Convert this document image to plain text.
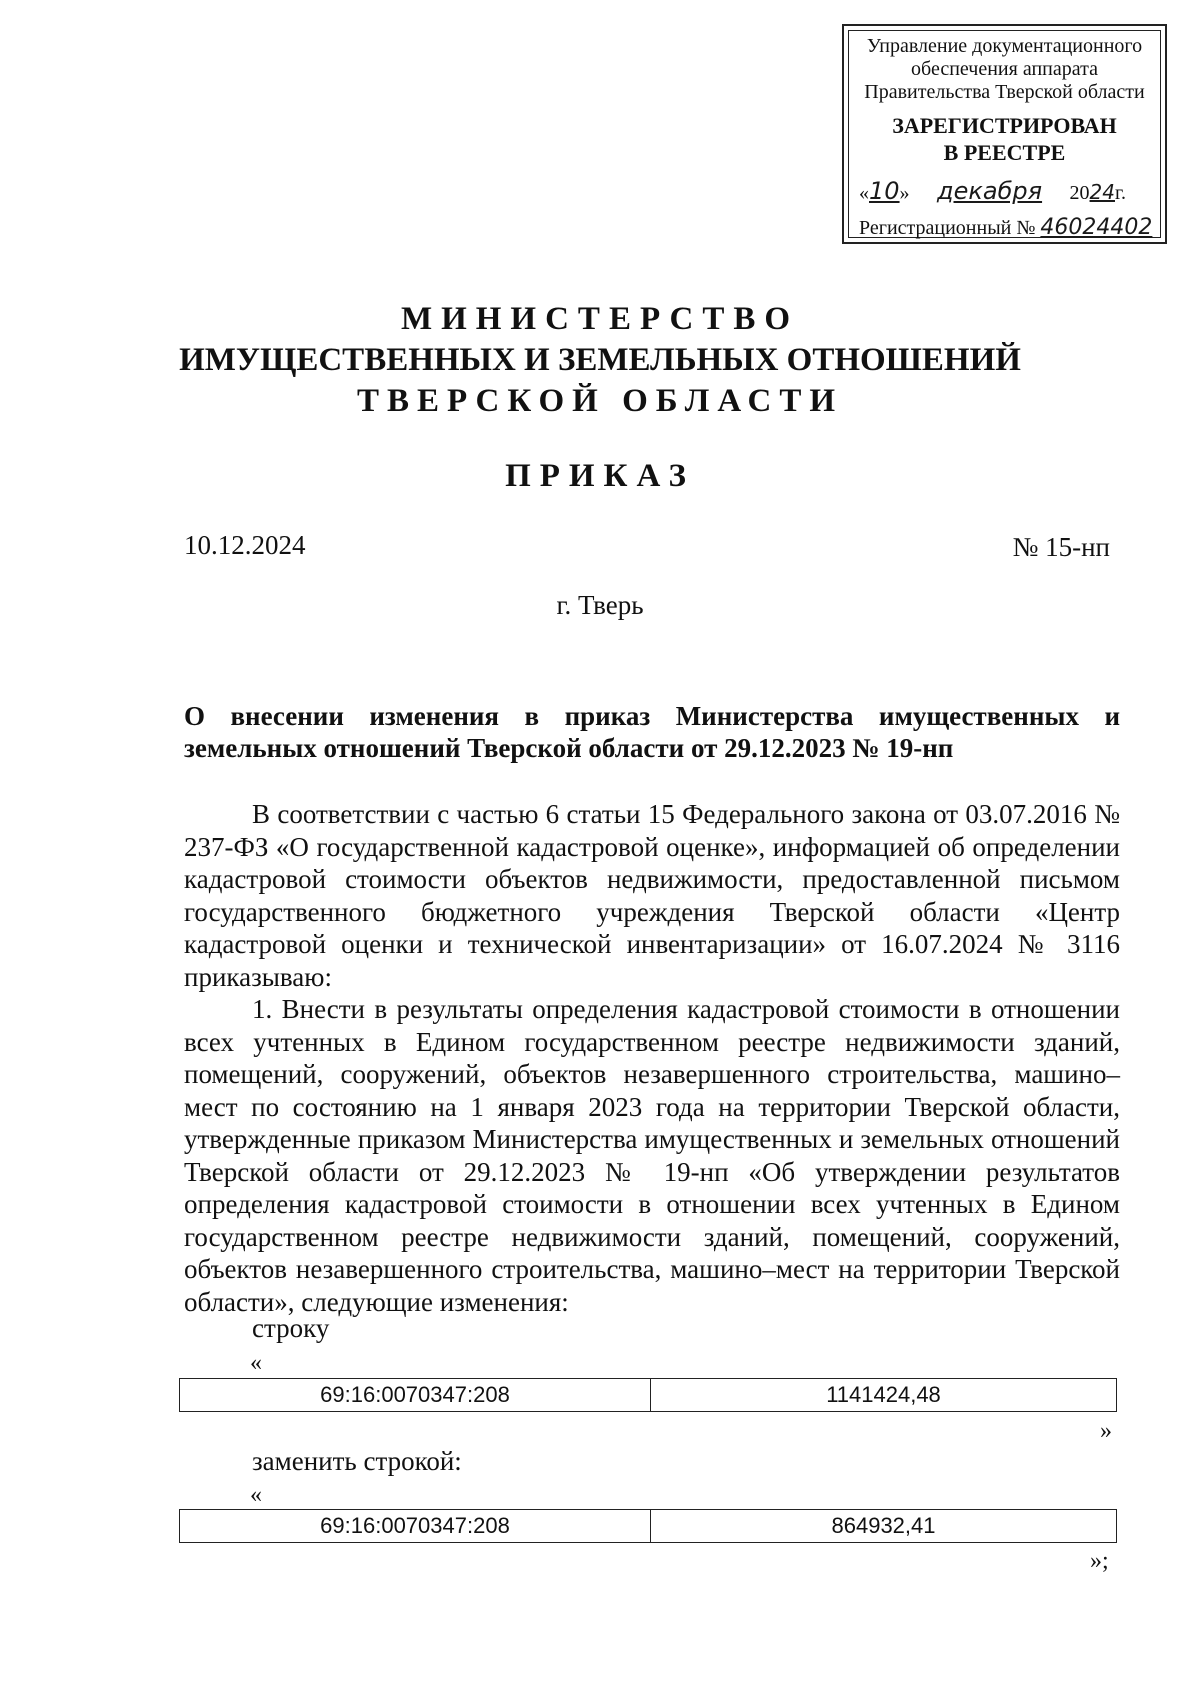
Управление документационного
обеспечения аппарата
Правительства Тверской области
ЗАРЕГИСТРИРОВАН
В РЕЕСТРЕ
«10» декабря 2024г.
Регистрационный № 46024402
МИНИСТЕРСТВО
ИМУЩЕСТВЕННЫХ И ЗЕМЕЛЬНЫХ ОТНОШЕНИЙ
ТВЕРСКОЙ ОБЛАСТИ
ПРИКАЗ
10.12.2024	№ 15-нп
г. Тверь
О внесении изменения в приказ Министерства имущественных и земельных отношений Тверской области от 29.12.2023 № 19-нп

В соответствии с частью 6 статьи 15 Федерального закона от 03.07.2016 № 237-ФЗ «О государственной кадастровой оценке», информацией об определении кадастровой стоимости объектов недвижимости, предоставленной письмом государственного бюджетного учреждения Тверской области «Центр кадастровой оценки и технической инвентаризации» от 16.07.2024 № 3116 приказываю:

1. Внести в результаты определения кадастровой стоимости в отношении всех учтенных в Едином государственном реестре недвижимости зданий, помещений, сооружений, объектов незавершенного строительства, машино–мест по состоянию на 1 января 2023 года на территории Тверской области, утвержденные приказом Министерства имущественных и земельных отношений Тверской области от 29.12.2023 № 19-нп «Об утверждении результатов определения кадастровой стоимости в отношении всех учтенных в Едином государственном реестре недвижимости зданий, помещений, сооружений, объектов незавершенного строительства, машино–мест на территории Тверской области», следующие изменения:

строку
«
69:16:0070347:208	1141424,48
»
заменить строкой:
«
69:16:0070347:208	864932,41
»;
